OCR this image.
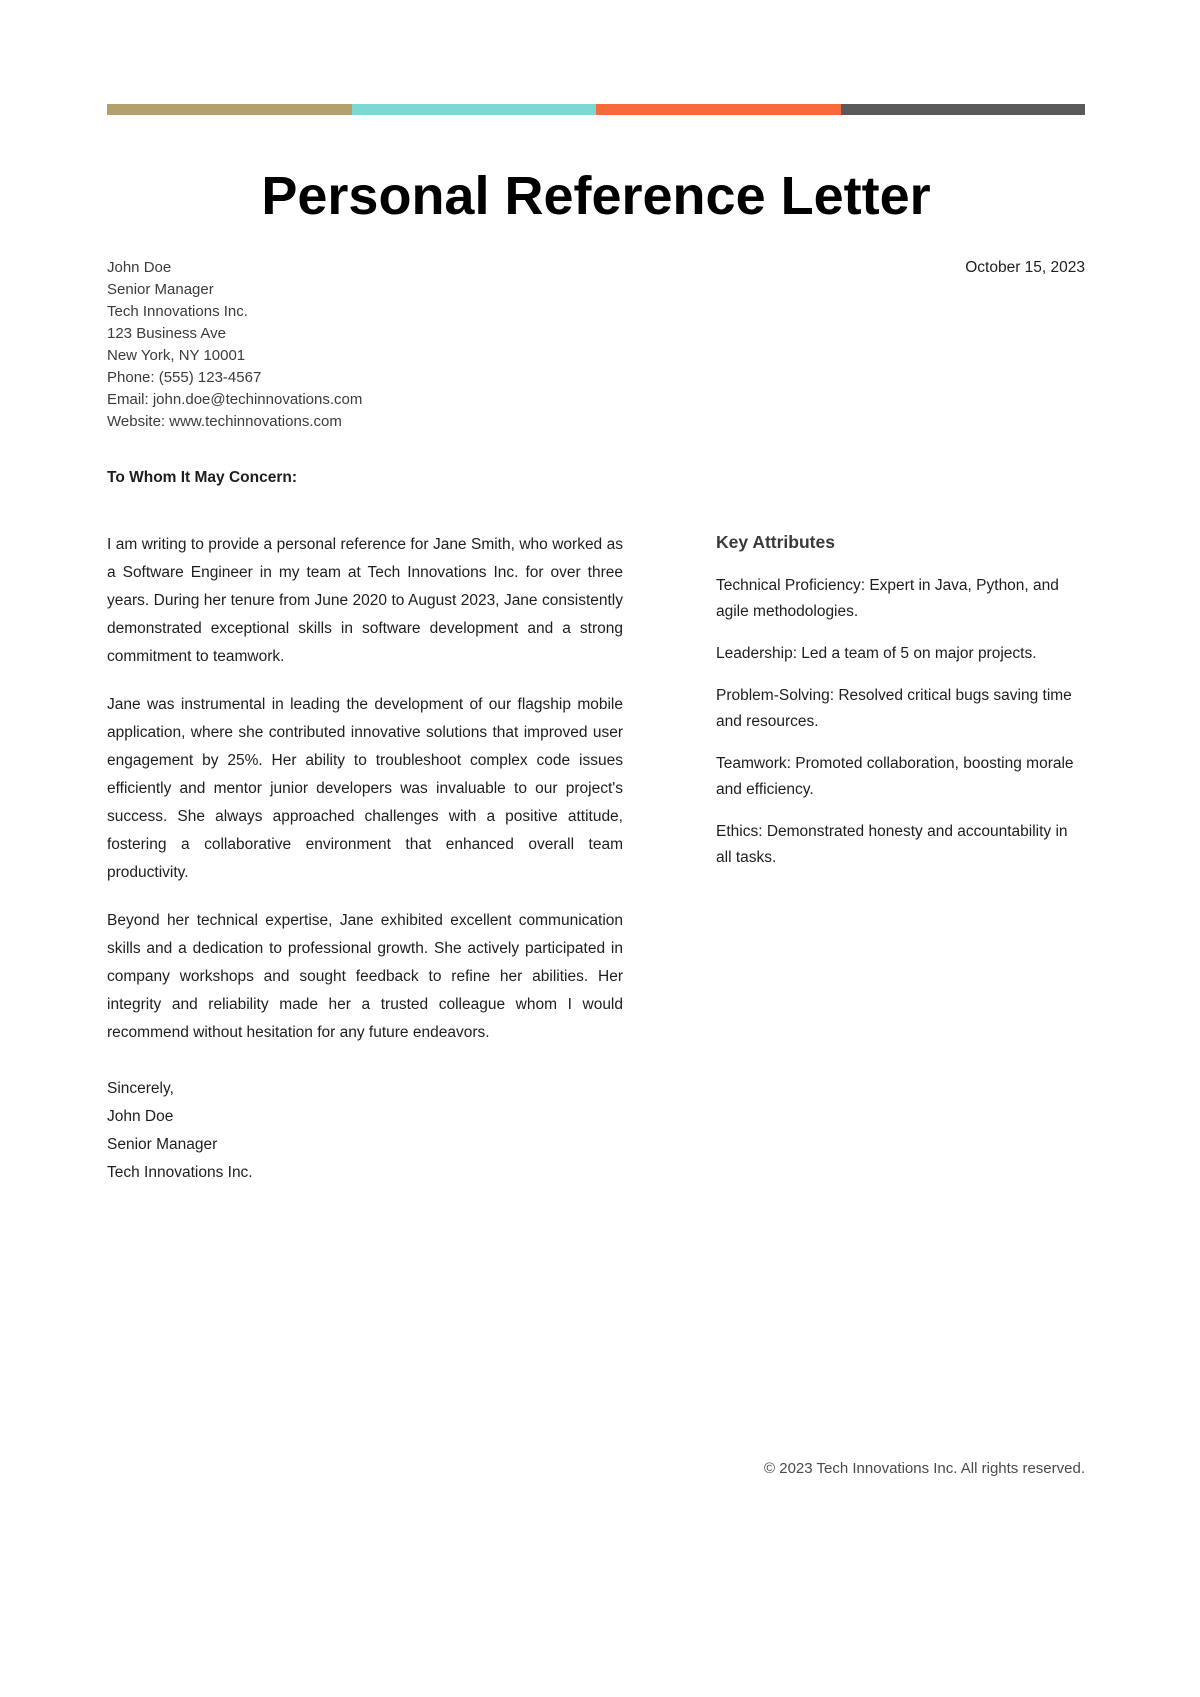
Personal Reference Letter
John Doe
Senior Manager
Tech Innovations Inc.
123 Business Ave
New York, NY 10001
Phone: (555) 123-4567
Email: john.doe@techinnovations.com
Website: www.techinnovations.com
October 15, 2023
To Whom It May Concern:

I am writing to provide a personal reference for Jane Smith, who worked as a Software Engineer in my team at Tech Innovations Inc. for over three years. During her tenure from June 2020 to August 2023, Jane consistently demonstrated exceptional skills in software development and a strong commitment to teamwork.

Jane was instrumental in leading the development of our flagship mobile application, where she contributed innovative solutions that improved user engagement by 25%. Her ability to troubleshoot complex code issues efficiently and mentor junior developers was invaluable to our project's success. She always approached challenges with a positive attitude, fostering a collaborative environment that enhanced overall team productivity.

Beyond her technical expertise, Jane exhibited excellent communication skills and a dedication to professional growth. She actively participated in company workshops and sought feedback to refine her abilities. Her integrity and reliability made her a trusted colleague whom I would recommend without hesitation for any future endeavors.

Sincerely,
John Doe
Senior Manager
Tech Innovations Inc.
Key Attributes

Technical Proficiency: Expert in Java, Python, and agile methodologies.

Leadership: Led a team of 5 on major projects.

Problem-Solving: Resolved critical bugs saving time and resources.

Teamwork: Promoted collaboration, boosting morale and efficiency.

Ethics: Demonstrated honesty and accountability in all tasks.

© 2023 Tech Innovations Inc. All rights reserved.
